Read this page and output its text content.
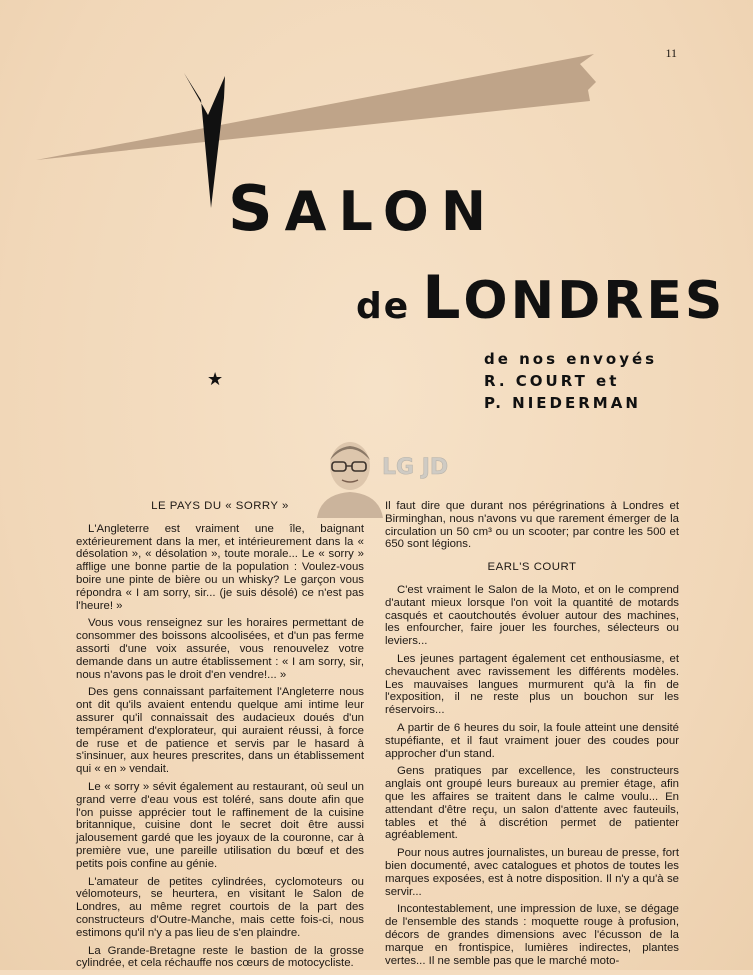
11
SALON
de LONDRES
★
de nos envoyés
R. COURT et
P. NIEDERMAN
LG JD
LE PAYS DU « SORRY »

L'Angleterre est vraiment une île, baignant extérieurement dans la mer, et intérieurement dans la « désolation », « désolation », toute morale... Le « sorry » afflige une bonne partie de la population : Voulez-vous boire une pinte de bière ou un whisky? Le garçon vous répondra « I am sorry, sir... (je suis désolé) ce n'est pas l'heure! »

Vous vous renseignez sur les horaires permettant de consommer des boissons alcoolisées, et d'un pas ferme assorti d'une voix assurée, vous renouvelez votre demande dans un autre établissement : « I am sorry, sir, nous n'avons pas le droit d'en vendre!... »

Des gens connaissant parfaitement l'Angleterre nous ont dit qu'ils avaient entendu quelque ami intime leur assurer qu'il connaissait des audacieux doués d'un tempérament d'explorateur, qui auraient réussi, à force de ruse et de patience et servis par le hasard à s'insinuer, aux heures prescrites, dans un établissement qui « en » vendait.

Le « sorry » sévit également au restaurant, où seul un grand verre d'eau vous est toléré, sans doute afin que l'on puisse apprécier tout le raffinement de la cuisine britannique, cuisine dont le secret doit être aussi jalousement gardé que les joyaux de la couronne, car à première vue, une pareille utilisation du bœuf et des petits pois confine au génie.

L'amateur de petites cylindrées, cyclomoteurs ou vélomoteurs, se heurtera, en visitant le Salon de Londres, au même regret courtois de la part des constructeurs d'Outre-Manche, mais cette fois-ci, nous estimons qu'il n'y a pas lieu de s'en plaindre.

La Grande-Bretagne reste le bastion de la grosse cylindrée, et cela réchauffe nos cœurs de motocycliste.

Il faut dire que durant nos pérégrinations à Londres et Birminghan, nous n'avons vu que rarement émerger de la circulation un 50 cm³ ou un scooter; par contre les 500 et 650 sont légions.

EARL'S COURT

C'est vraiment le Salon de la Moto, et on le comprend d'autant mieux lorsque l'on voit la quantité de motards casqués et caoutchoutés évoluer autour des machines, les enfourcher, faire jouer les fourches, sélecteurs ou leviers...

Les jeunes partagent également cet enthousiasme, et chevauchent avec ravissement les différents modèles. Les mauvaises langues murmurent qu'à la fin de l'exposition, il ne reste plus un bouchon sur les réservoirs...

A partir de 6 heures du soir, la foule atteint une densité stupéfiante, et il faut vraiment jouer des coudes pour approcher d'un stand.

Gens pratiques par excellence, les constructeurs anglais ont groupé leurs bureaux au premier étage, afin que les affaires se traitent dans le calme voulu... En attendant d'être reçu, un salon d'attente avec fauteuils, tables et thé à discrétion permet de patienter agréablement.

Pour nous autres journalistes, un bureau de presse, fort bien documenté, avec catalogues et photos de toutes les marques exposées, est à notre disposition. Il n'y a qu'à se servir...

Incontestablement, une impression de luxe, se dégage de l'ensemble des stands : moquette rouge à profusion, décors de grandes dimensions avec l'écusson de la marque en frontispice, lumières indirectes, plantes vertes... Il ne semble pas que le marché moto-
